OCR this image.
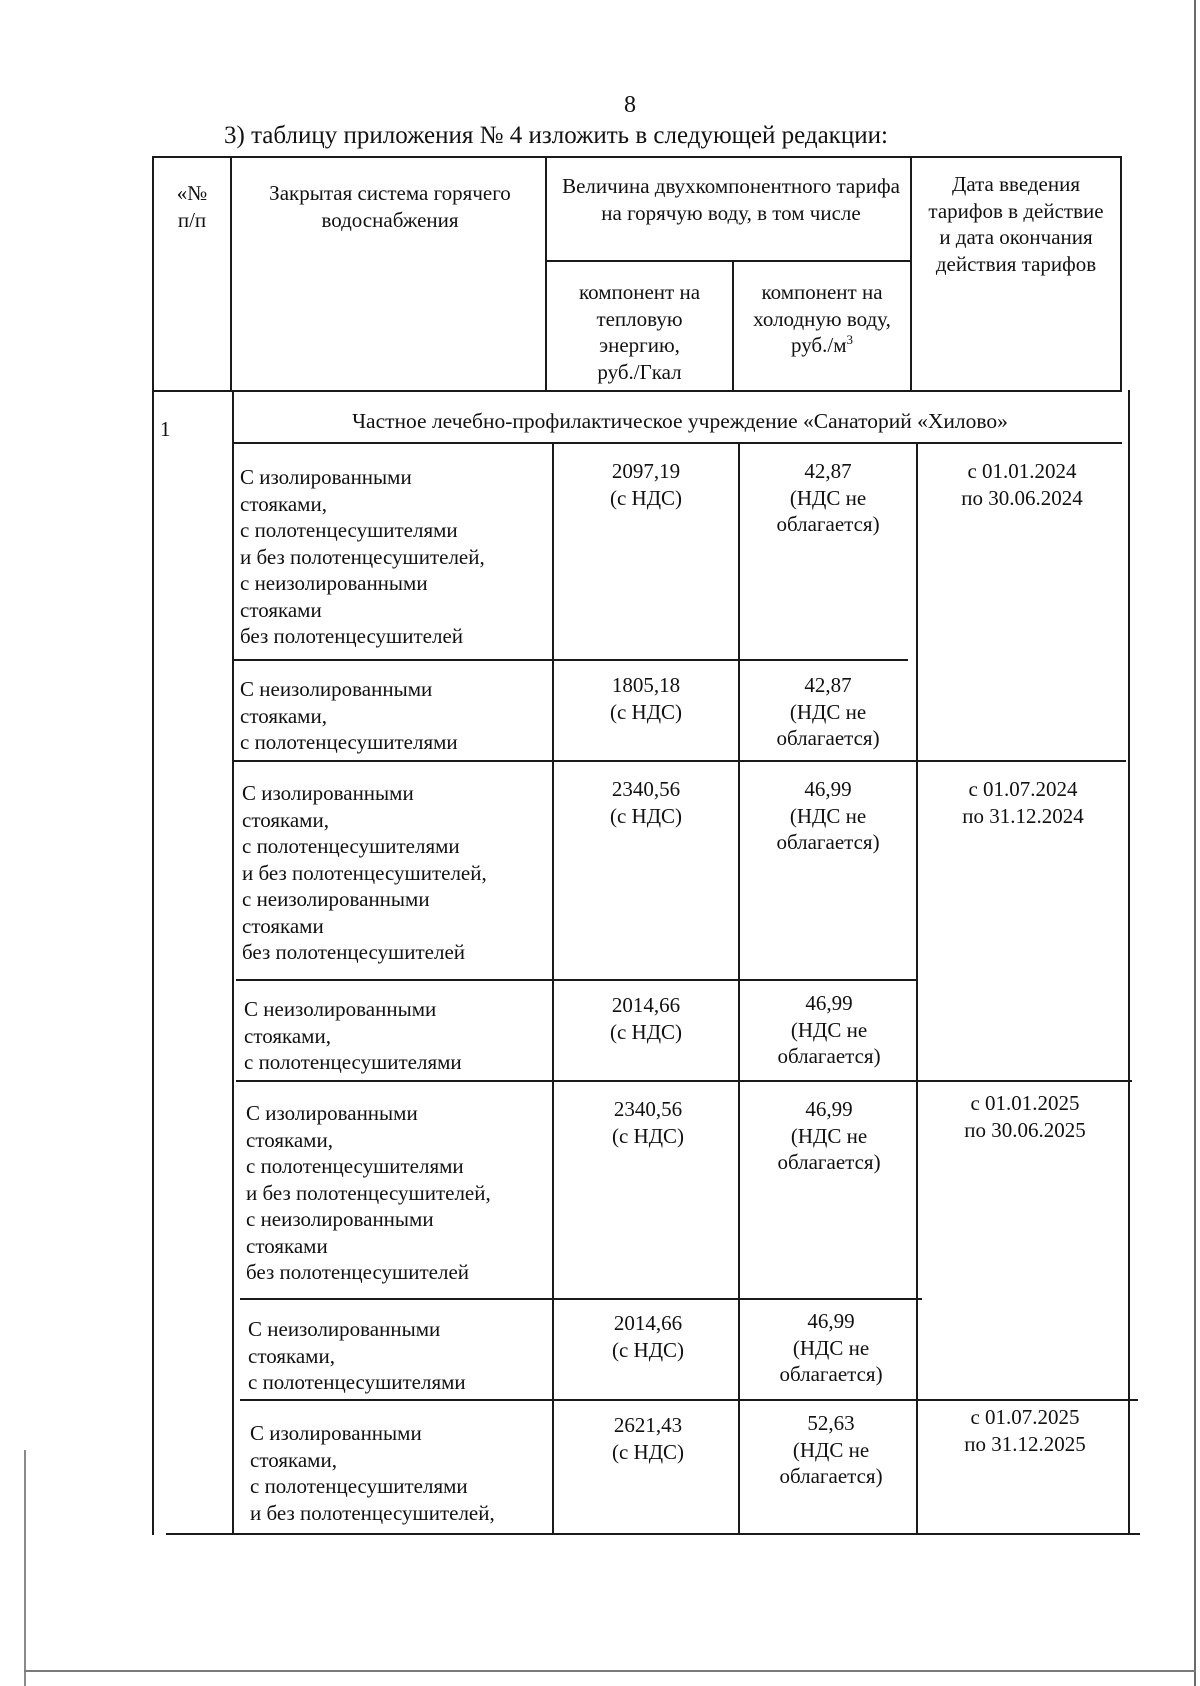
8
3) таблицу приложения № 4 изложить в следующей редакции:
«№
п/п
Закрытая система горячего водоснабжения
Величина двухкомпонентного тарифа на горячую воду, в том числе
компонент на
тепловую
энергию,
руб./Гкал
компонент на
холодную воду,
$руб./м^3$
Дата введения
тарифов в действие
и дата окончания
действия тарифов
1	Частное лечебно-профилактическое учреждение «Санаторий «Хилово»
С изолированными
стояками,
с полотенцесушителями
и без полотенцесушителей,
с неизолированными
стояками
без полотенцесушителей
2097,19
(с НДС)
42,87
(НДС не
облагается)
с 01.01.2024
по 30.06.2024
С неизолированными
стояками,
с полотенцесушителями
1805,18
(с НДС)
42,87
(НДС не
облагается)
С изолированными
стояками,
с полотенцесушителями
и без полотенцесушителей,
с неизолированными
стояками
без полотенцесушителей
2340,56
(с НДС)
46,99
(НДС не
облагается)
с 01.07.2024
по 31.12.2024
С неизолированными
стояками,
с полотенцесушителями
2014,66
(с НДС)
46,99
(НДС не
облагается)
С изолированными
стояками,
с полотенцесушителями
и без полотенцесушителей,
с неизолированными
стояками
без полотенцесушителей
2340,56
(с НДС)
46,99
(НДС не
облагается)
с 01.01.2025
по 30.06.2025
С неизолированными
стояками,
с полотенцесушителями
2014,66
(с НДС)
46,99
(НДС не
облагается)
С изолированными
стояками,
с полотенцесушителями
и без полотенцесушителей,
2621,43
(с НДС)
52,63
(НДС не
облагается)
с 01.07.2025
по 31.12.2025
